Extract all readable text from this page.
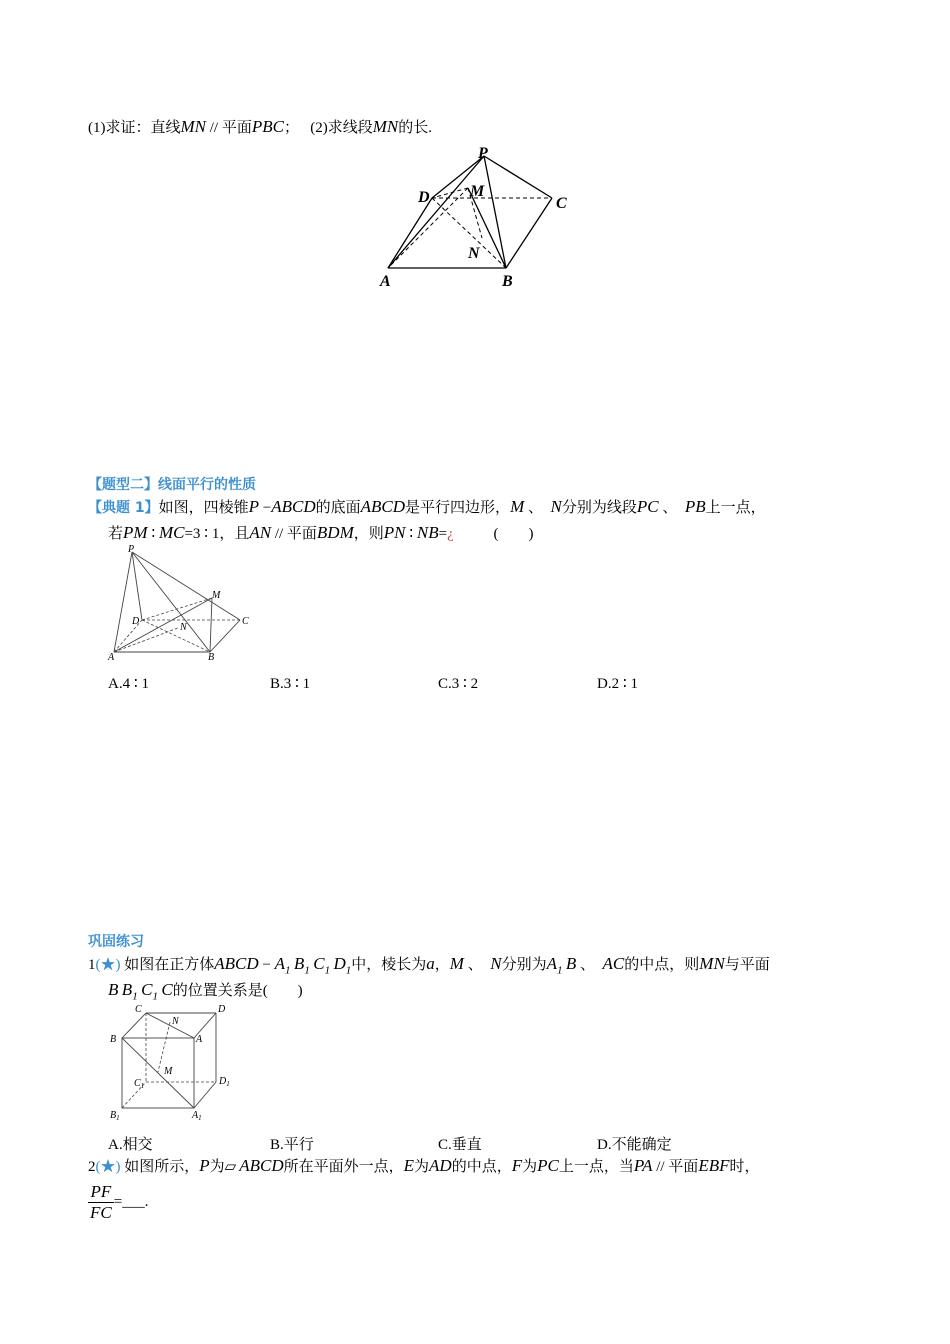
(1)求证：直线MN // 平面PBC； (2)求线段MN的长.
P
M
D	C
N
A	B
【题型二】线面平行的性质
【典题 1】如图，四棱锥P −ABCD的底面ABCD是平行四边形，M 、 N分别为线段PC 、 PB上一点，
若PM ∶ MC=3 ∶ 1，且AN // 平面BDM，则PN ∶ NB=¿	(　　)
P
M
D	C
N
A	B
A.4 ∶ 1	B.3 ∶ 1	C.3 ∶ 2	D.2 ∶ 1
巩固练习
1(★) 如图在正方体ABCD − $A_1$  $B_1$  $C_1$  $D_1$中，棱长为a，M 、 N分别为$A_1$  B 、 AC的中点，则MN与平面
B  $B_1$  $C_1$  C的位置关系是(　　)
C
N
D
B	A
M
$C_1$	$D_1$
$B_1$	$A_1$
A.相交	B.平行	C.垂直	D.不能确定
2(★) 如图所示，P为▱  ABCD所在平面外一点，E为AD的中点，F为PC上一点，当PA // 平面EBF时，
$\frac{PF}{FC}$ =___.
